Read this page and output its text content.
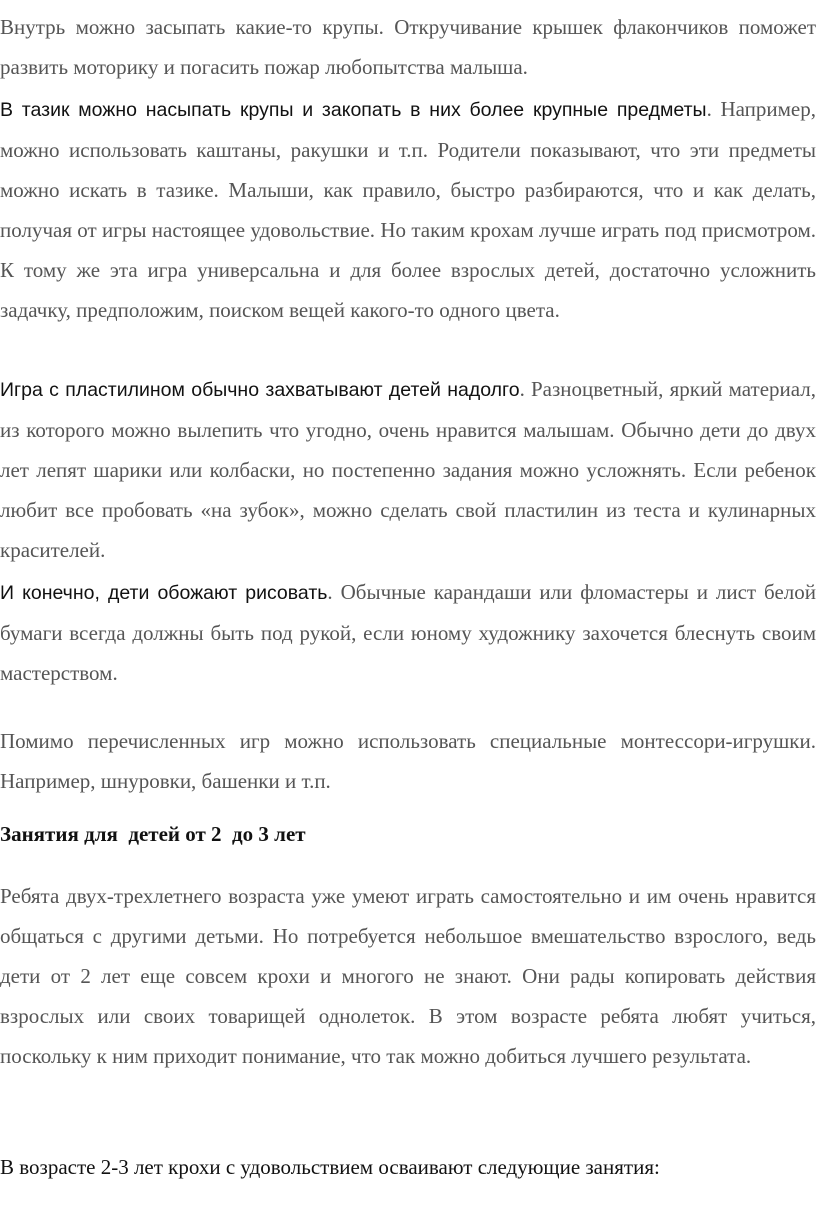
Внутрь можно засыпать какие-то крупы. Откручивание крышек флакончиков поможет развить моторику и погасить пожар любопытства малыша.

В тазик можно насыпать крупы и закопать в них более крупные предметы. Например, можно использовать каштаны, ракушки и т.п. Родители показывают, что эти предметы можно искать в тазике. Малыши, как правило, быстро разбираются, что и как делать, получая от игры настоящее удовольствие. Но таким крохам лучше играть под присмотром. К тому же эта игра универсальна и для более взрослых детей, достаточно усложнить задачку, предположим, поиском вещей какого-то одного цвета.

Игра с пластилином обычно захватывают детей надолго. Разноцветный, яркий материал, из которого можно вылепить что угодно, очень нравится малышам. Обычно дети до двух лет лепят шарики или колбаски, но постепенно задания можно усложнять. Если ребенок любит все пробовать «на зубок», можно сделать свой пластилин из теста и кулинарных красителей.

И конечно, дети обожают рисовать. Обычные карандаши или фломастеры и лист белой бумаги всегда должны быть под рукой, если юному художнику захочется блеснуть своим мастерством.

Помимо перечисленных игр можно использовать специальные монтессори-игрушки. Например, шнуровки, башенки и т.п.

Занятия для  детей от 2  до 3 лет

Ребята двух-трехлетнего возраста уже умеют играть самостоятельно и им очень нравится общаться с другими детьми. Но потребуется небольшое вмешательство взрослого, ведь дети от 2 лет еще совсем крохи и многого не знают. Они рады копировать действия взрослых или своих товарищей однолеток. В этом возрасте ребята любят учиться, поскольку к ним приходит понимание, что так можно добиться лучшего результата.

В возрасте 2-3 лет крохи с удовольствием осваивают следующие занятия:
